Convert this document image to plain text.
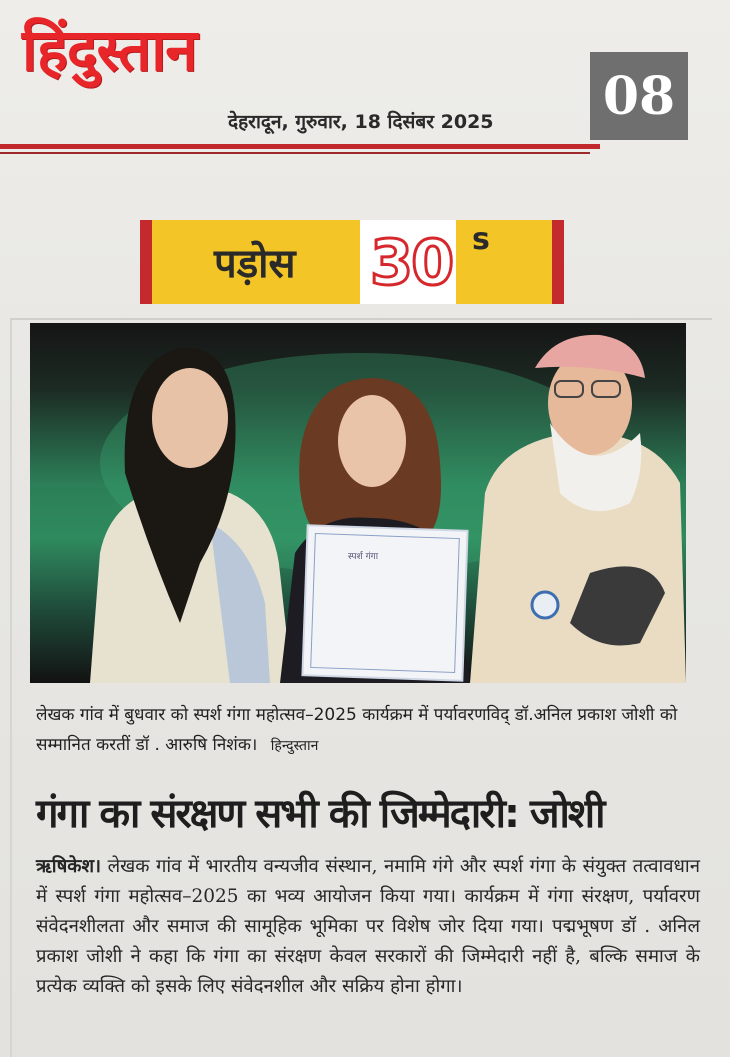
हिंदुस्तान
08
देहरादून, गुरुवार, 18 दिसंबर 2025
पड़ोस 30 s
स्पर्श गंगा
लेखक गांव में बुधवार को स्पर्श गंगा महोत्सव–2025 कार्यक्रम में पर्यावरणविद् डॉ.अनिल प्रकाश जोशी को सम्मानित करतीं डॉ . आरुषि निशंक। हिन्दुस्तान
गंगा का संरक्षण सभी की जिम्मेदारी: जोशी
ऋषिकेश। लेखक गांव में भारतीय वन्यजीव संस्थान, नमामि गंगे और स्पर्श गंगा के संयुक्त तत्वावधान में स्पर्श गंगा महोत्सव–2025 का भव्य आयोजन किया गया। कार्यक्रम में गंगा संरक्षण, पर्यावरण संवेदनशीलता और समाज की सामूहिक भूमिका पर विशेष जोर दिया गया। पद्मभूषण डॉ . अनिल प्रकाश जोशी ने कहा कि गंगा का संरक्षण केवल सरकारों की जिम्मेदारी नहीं है, बल्कि समाज के प्रत्येक व्यक्ति को इसके लिए संवेदनशील और सक्रिय होना होगा।
